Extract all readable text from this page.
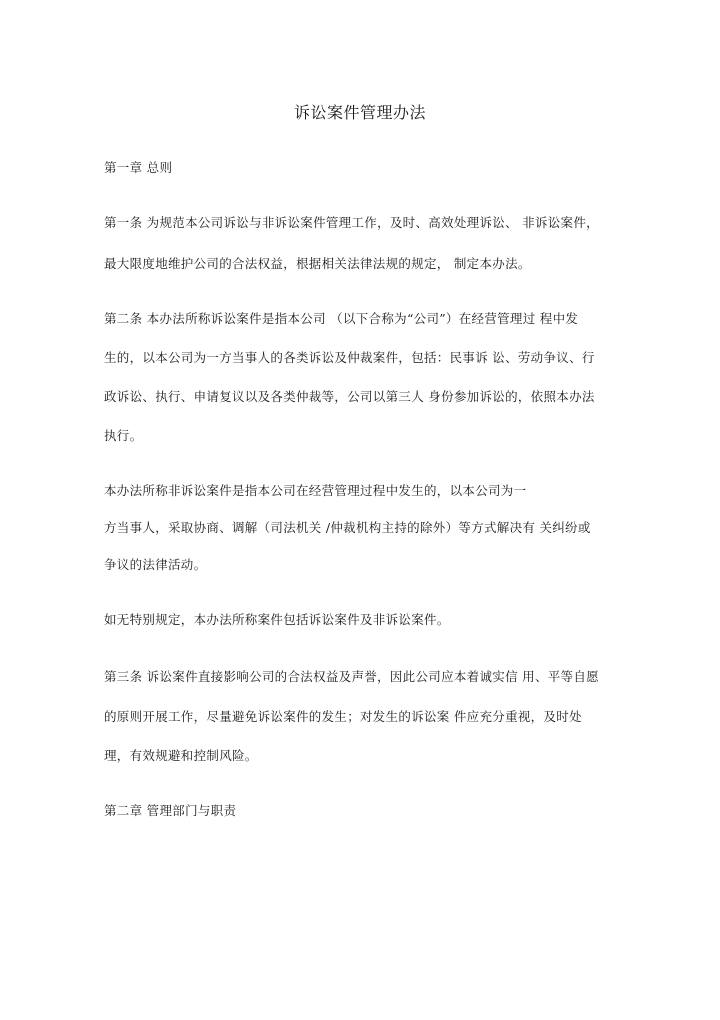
诉讼案件管理办法
第一章 总则
第一条 为规范本公司诉讼与非诉讼案件管理工作，及时、高效处理诉讼、 非诉讼案件，
最大限度地维护公司的合法权益，根据相关法律法规的规定， 制定本办法。
第二条 本办法所称诉讼案件是指本公司 （以下合称为“公司”）在经营管理过 程中发
生的，以本公司为一方当事人的各类诉讼及仲裁案件，包括：民事诉 讼、劳动争议、行
政诉讼、执行、申请复议以及各类仲裁等，公司以第三人 身份参加诉讼的，依照本办法
执行。
本办法所称非诉讼案件是指本公司在经营管理过程中发生的，以本公司为一
方当事人，采取协商、调解（司法机关 /仲裁机构主持的除外）等方式解决有 关纠纷或
争议的法律活动。
如无特别规定，本办法所称案件包括诉讼案件及非诉讼案件。
第三条 诉讼案件直接影响公司的合法权益及声誉，因此公司应本着诚实信 用、平等自愿
的原则开展工作，尽量避免诉讼案件的发生；对发生的诉讼案 件应充分重视，及时处
理，有效规避和控制风险。
第二章 管理部门与职责
